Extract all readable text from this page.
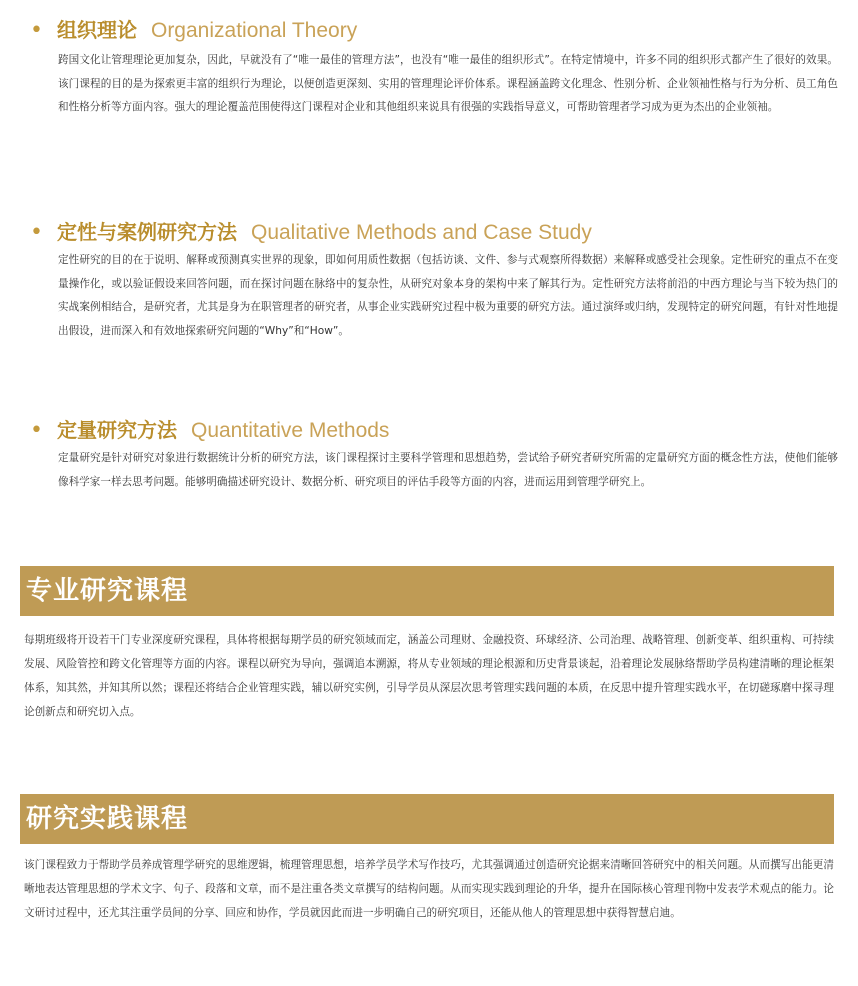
• 组织理论 Organizational Theory

跨国文化让管理理论更加复杂，因此，早就没有了“唯一最佳的管理方法”，也没有“唯一最佳的组织形式”。在特定情境中，许多不同的组织形式都产生了很好的效果。该门课程的目的是为探索更丰富的组织行为理论，以便创造更深刻、实用的管理理论评价体系。课程涵盖跨文化理念、性别分析、企业领袖性格与行为分析、员工角色和性格分析等方面内容。强大的理论覆盖范围使得这门课程对企业和其他组织来说具有很强的实践指导意义，可帮助管理者学习成为更为杰出的企业领袖。

• 定性与案例研究方法 Qualitative Methods and Case Study

定性研究的目的在于说明、解释或预测真实世界的现象，即如何用质性数据（包括访谈、文件、参与式观察所得数据）来解释或感受社会现象。定性研究的重点不在变量操作化，或以验证假设来回答问题，而在探讨问题在脉络中的复杂性，从研究对象本身的架构中来了解其行为。定性研究方法将前沿的中西方理论与当下较为热门的实战案例相结合，是研究者，尤其是身为在职管理者的研究者，从事企业实践研究过程中极为重要的研究方法。通过演绎或归纳，发现特定的研究问题，有针对性地提出假设，进而深入和有效地探索研究问题的“Why”和“How”。

• 定量研究方法 Quantitative Methods

定量研究是针对研究对象进行数据统计分析的研究方法，该门课程探讨主要科学管理和思想趋势，尝试给予研究者研究所需的定量研究方面的概念性方法，使他们能够像科学家一样去思考问题。能够明确描述研究设计、数据分析、研究项目的评估手段等方面的内容，进而运用到管理学研究上。

专业研究课程

每期班级将开设若干门专业深度研究课程，具体将根据每期学员的研究领域而定，涵盖公司理财、金融投资、环球经济、公司治理、战略管理、创新变革、组织重构、可持续发展、风险管控和跨文化管理等方面的内容。课程以研究为导向，强调追本溯源，将从专业领域的理论根源和历史背景谈起，沿着理论发展脉络帮助学员构建清晰的理论框架体系，知其然，并知其所以然；课程还将结合企业管理实践，辅以研究实例，引导学员从深层次思考管理实践问题的本质，在反思中提升管理实践水平，在切磋琢磨中探寻理论创新点和研究切入点。

研究实践课程

该门课程致力于帮助学员养成管理学研究的思维逻辑，梳理管理思想，培养学员学术写作技巧，尤其强调通过创造研究论据来清晰回答研究中的相关问题。从而撰写出能更清晰地表达管理思想的学术文字、句子、段落和文章，而不是注重各类文章撰写的结构问题。从而实现实践到理论的升华，提升在国际核心管理刊物中发表学术观点的能力。论文研讨过程中，还尤其注重学员间的分享、回应和协作，学员就因此而进一步明确自己的研究项目，还能从他人的管理思想中获得智慧启迪。
